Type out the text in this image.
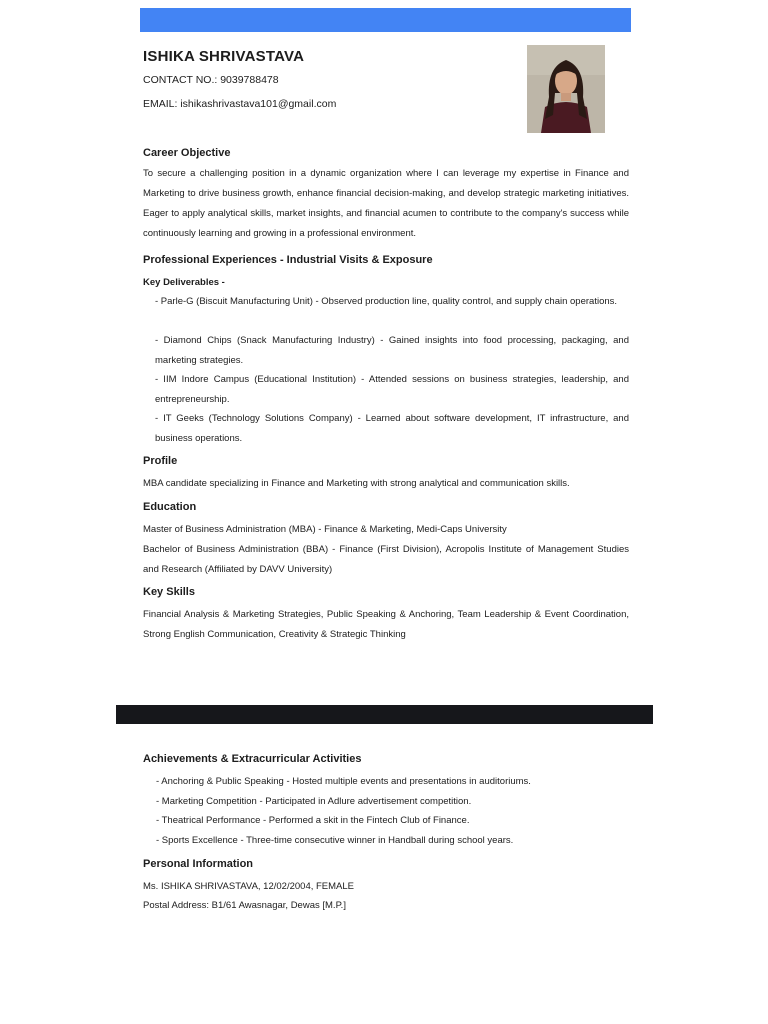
ISHIKA SHRIVASTAVA
CONTACT NO.: 9039788478
EMAIL: ishikashrivastava101@gmail.com
Career Objective
To secure a challenging position in a dynamic organization where I can leverage my expertise in Finance and Marketing to drive business growth, enhance financial decision-making, and develop strategic marketing initiatives. Eager to apply analytical skills, market insights, and financial acumen to contribute to the company's success while continuously learning and growing in a professional environment.
Professional Experiences - Industrial Visits & Exposure
Key Deliverables -
- Parle-G (Biscuit Manufacturing Unit) - Observed production line, quality control, and supply chain operations.
- Diamond Chips (Snack Manufacturing Industry) - Gained insights into food processing, packaging, and marketing strategies.
- IIM Indore Campus (Educational Institution) - Attended sessions on business strategies, leadership, and entrepreneurship.
- IT Geeks (Technology Solutions Company) - Learned about software development, IT infrastructure, and business operations.
Profile
MBA candidate specializing in Finance and Marketing with strong analytical and communication skills.
Education
Master of Business Administration (MBA) - Finance & Marketing, Medi-Caps University
Bachelor of Business Administration (BBA) - Finance (First Division), Acropolis Institute of Management Studies and Research (Affiliated by DAVV University)
Key Skills
Financial Analysis & Marketing Strategies, Public Speaking & Anchoring, Team Leadership & Event Coordination, Strong English Communication, Creativity & Strategic Thinking
Achievements & Extracurricular Activities
- Anchoring & Public Speaking - Hosted multiple events and presentations in auditoriums.
- Marketing Competition - Participated in Adlure advertisement competition.
- Theatrical Performance - Performed a skit in the Fintech Club of Finance.
- Sports Excellence - Three-time consecutive winner in Handball during school years.
Personal Information
Ms. ISHIKA SHRIVASTAVA, 12/02/2004, FEMALE
Postal Address: B1/61 Awasnagar, Dewas [M.P.]
